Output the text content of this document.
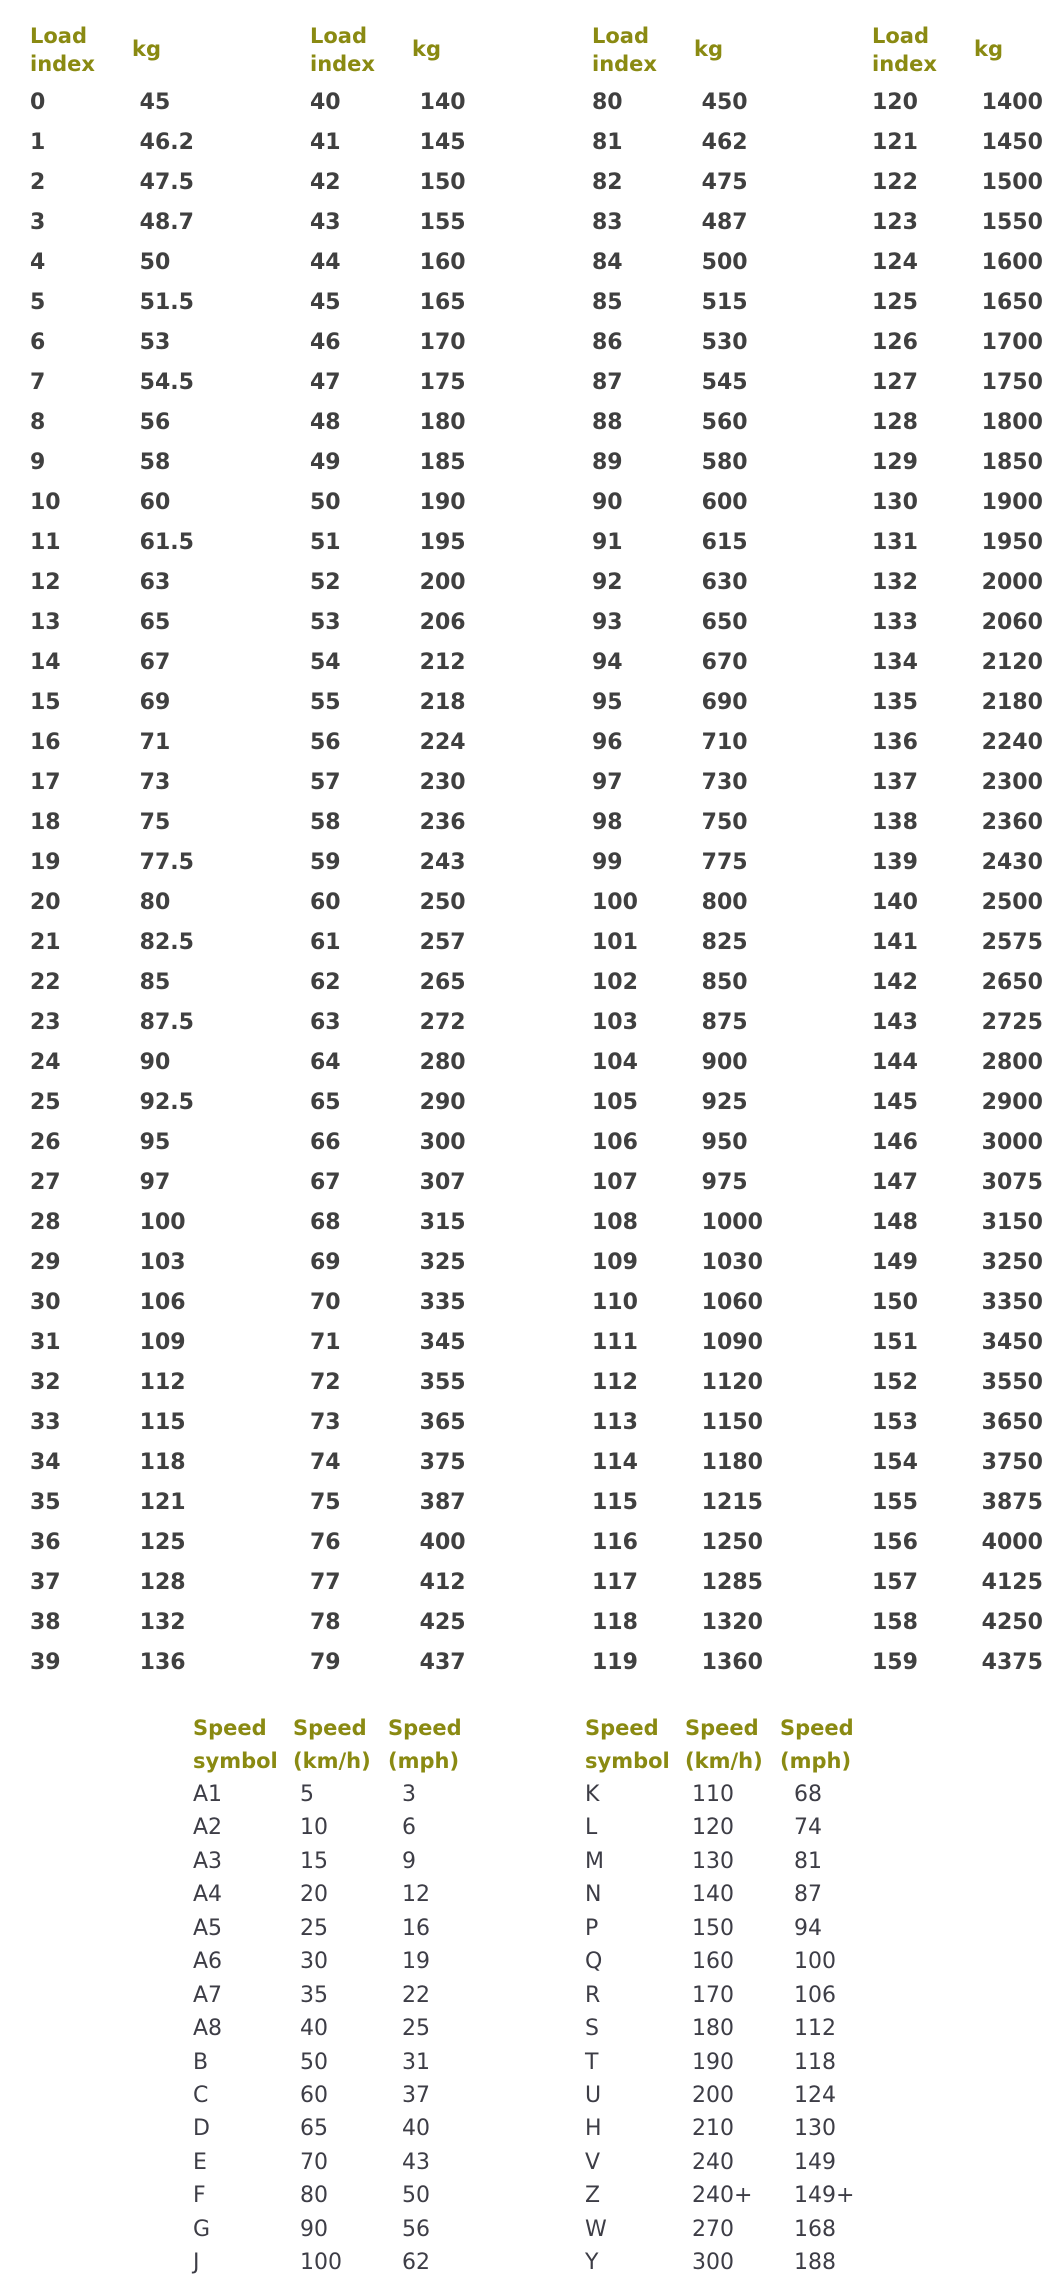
Load index
kg
0	45
1	46.2
2	47.5
3	48.7
4	50
5	51.5
6	53
7	54.5
8	56
9	58
10	60
11	61.5
12	63
13	65
14	67
15	69
16	71
17	73
18	75
19	77.5
20	80
21	82.5
22	85
23	87.5
24	90
25	92.5
26	95
27	97
28	100
29	103
30	106
31	109
32	112
33	115
34	118
35	121
36	125
37	128
38	132
39	136
Load index
kg
40	140
41	145
42	150
43	155
44	160
45	165
46	170
47	175
48	180
49	185
50	190
51	195
52	200
53	206
54	212
55	218
56	224
57	230
58	236
59	243
60	250
61	257
62	265
63	272
64	280
65	290
66	300
67	307
68	315
69	325
70	335
71	345
72	355
73	365
74	375
75	387
76	400
77	412
78	425
79	437
Load index
kg
80	450
81	462
82	475
83	487
84	500
85	515
86	530
87	545
88	560
89	580
90	600
91	615
92	630
93	650
94	670
95	690
96	710
97	730
98	750
99	775
100	800
101	825
102	850
103	875
104	900
105	925
106	950
107	975
108	1000
109	1030
110	1060
111	1090
112	1120
113	1150
114	1180
115	1215
116	1250
117	1285
118	1320
119	1360
Load index
kg
120	1400
121	1450
122	1500
123	1550
124	1600
125	1650
126	1700
127	1750
128	1800
129	1850
130	1900
131	1950
132	2000
133	2060
134	2120
135	2180
136	2240
137	2300
138	2360
139	2430
140	2500
141	2575
142	2650
143	2725
144	2800
145	2900
146	3000
147	3075
148	3150
149	3250
150	3350
151	3450
152	3550
153	3650
154	3750
155	3875
156	4000
157	4125
158	4250
159	4375
Speed
symbol
Speed
(km/h)
Speed
(mph)
A1	5	3
A2	10	6
A3	15	9
A4	20	12
A5	25	16
A6	30	19
A7	35	22
A8	40	25
B	50	31
C	60	37
D	65	40
E	70	43
F	80	50
G	90	56
J	100	62
Speed
symbol
Speed
(km/h)
Speed
(mph)
K	110	68
L	120	74
M	130	81
N	140	87
P	150	94
Q	160	100
R	170	106
S	180	112
T	190	118
U	200	124
H	210	130
V	240	149
Z	240+ 149+
W	270	168
Y	300	188
